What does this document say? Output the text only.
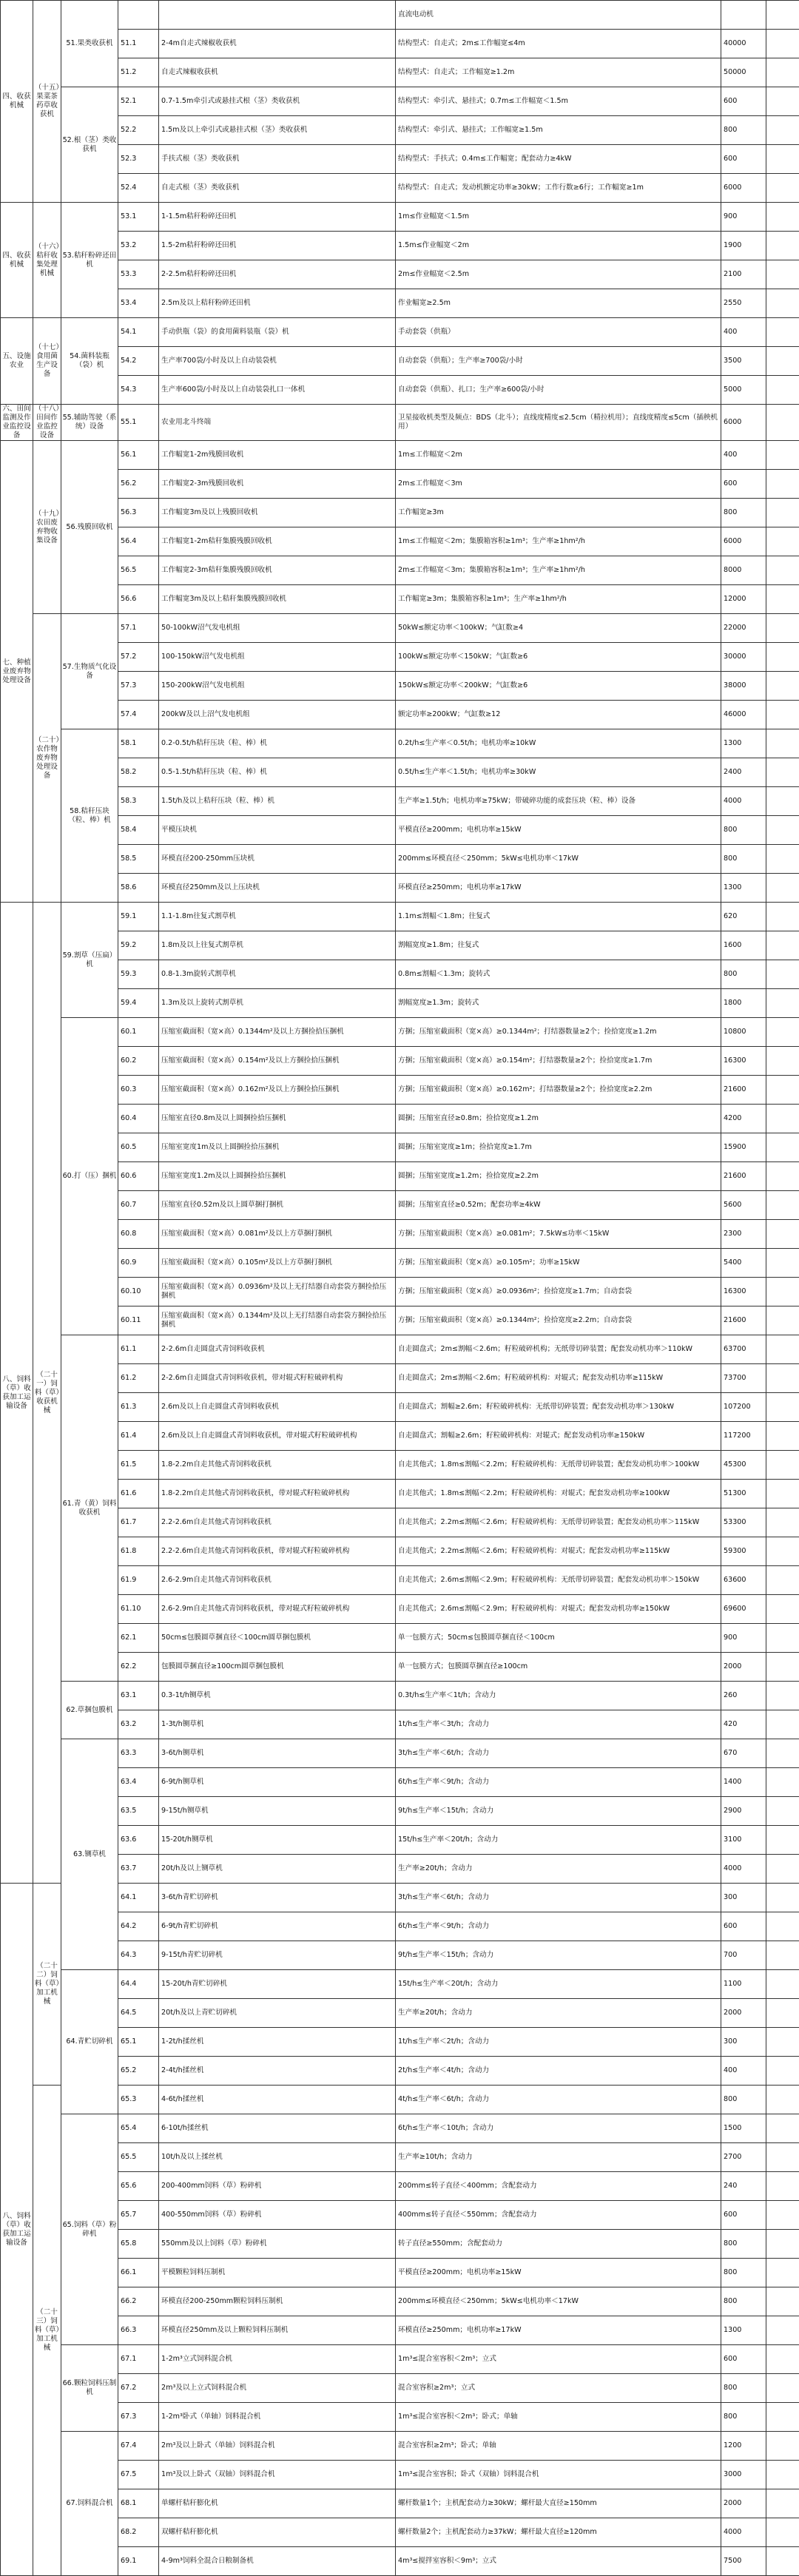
四、收获机械	（十五）果菜茶药草收获机	51.果类收获机			直流电动机		
			51.1	2-4m自走式辣椒收获机	结构型式：自走式；2m≤工作幅宽≤4m	40000	
			51.2	自走式辣椒收获机	结构型式：自走式；工作幅宽≥1.2m	50000	
		52.根（茎）类收获机	52.1	0.7-1.5m牵引式或悬挂式根（茎）类收获机	结构型式：牵引式、悬挂式；0.7m≤工作幅宽＜1.5m	600	
			52.2	1.5m及以上牵引式或悬挂式根（茎）类收获机	结构型式：牵引式、悬挂式；工作幅宽≥1.5m	800	
			52.3	手扶式根（茎）类收获机	结构型式：手扶式；0.4m≤工作幅宽；配套动力≥4kW	600	
			52.4	自走式根（茎）类收获机	结构型式：自走式；发动机额定功率≥30kW；工作行数≥6行；工作幅宽≥1m	6000	
四、收获机械	（十六）秸秆收集处理机械	53.秸秆粉碎还田机	53.1	1-1.5m秸秆粉碎还田机	1m≤作业幅宽＜1.5m	900	
			53.2	1.5-2m秸秆粉碎还田机	1.5m≤作业幅宽＜2m	1900	
			53.3	2-2.5m秸秆粉碎还田机	2m≤作业幅宽＜2.5m	2100	
			53.4	2.5m及以上秸秆粉碎还田机	作业幅宽≥2.5m	2550	
五、设施农业	（十七）食用菌生产设备	54.菌料装瓶（袋）机	54.1	手动供瓶（袋）的食用菌料装瓶（袋）机	手动套袋（供瓶）	400	
			54.2	生产率700袋/小时及以上自动装袋机	自动套袋（供瓶）；生产率≥700袋/小时	3500	
			54.3	生产率600袋/小时及以上自动装袋扎口一体机	自动套袋（供瓶）、扎口；生产率≥600袋/小时	5000	
六、田间监测及作业监控设备	（十八）田间作业监控设备	55.辅助驾驶（系统）设备	55.1	农业用北斗终端	卫星接收机类型及频点：BDS（北斗）；直线度精度≤2.5cm（精拉机用）；直线度精度≤5cm（插秧机用）	6000	
七、种植业废弃物处理设备	（十九）农田废弃物收集设备	56.残膜回收机	56.1	工作幅宽1-2m残膜回收机	1m≤工作幅宽＜2m	400	
			56.2	工作幅宽2-3m残膜回收机	2m≤工作幅宽＜3m	600	
			56.3	工作幅宽3m及以上残膜回收机	工作幅宽≥3m	800	
			56.4	工作幅宽1-2m秸秆集膜残膜回收机	1m≤工作幅宽＜2m；集膜箱容积≥1m³；生产率≥1hm²/h	6000	
			56.5	工作幅宽2-3m秸秆集膜残膜回收机	2m≤工作幅宽＜3m；集膜箱容积≥1m³；生产率≥1hm²/h	8000	
			56.6	工作幅宽3m及以上秸秆集膜残膜回收机	工作幅宽≥3m；集膜箱容积≥1m³；生产率≥1hm²/h	12000	
	（二十）农作物废弃物处理设备	57.生物质气化设备	57.1	50-100kW沼气发电机组	50kW≤额定功率＜100kW；气缸数≥4	22000	
			57.2	100-150kW沼气发电机组	100kW≤额定功率＜150kW；气缸数≥6	30000	
			57.3	150-200kW沼气发电机组	150kW≤额定功率＜200kW；气缸数≥6	38000	
			57.4	200kW及以上沼气发电机组	额定功率≥200kW；气缸数≥12	46000	
		58.秸秆压块（粒、棒）机	58.1	0.2-0.5t/h秸秆压块（粒、棒）机	0.2t/h≤生产率＜0.5t/h；电机功率≥10kW	1300	
			58.2	0.5-1.5t/h秸秆压块（粒、棒）机	0.5t/h≤生产率＜1.5t/h；电机功率≥30kW	2400	
			58.3	1.5t/h及以上秸秆压块（粒、棒）机	生产率≥1.5t/h；电机功率≥75kW；带破碎功能的成套压块（粒、棒）设备	4000	
			58.4	平模压块机	平模直径≥200mm；电机功率≥15kW	800	
			58.5	环模直径200-250mm压块机	200mm≤环模直径＜250mm；5kW≤电机功率＜17kW	800	
			58.6	环模直径250mm及以上压块机	环模直径≥250mm；电机功率≥17kW	1300	
八、饲料（草）收获加工运输设备	（二十一）饲料（草）收获机械	59.割草（压扁）机	59.1	1.1-1.8m往复式割草机	1.1m≤割幅＜1.8m；往复式	620	
			59.2	1.8m及以上往复式割草机	割幅宽度≥1.8m；往复式	1600	
			59.3	0.8-1.3m旋转式割草机	0.8m≤割幅＜1.3m；旋转式	800	
			59.4	1.3m及以上旋转式割草机	割幅宽度≥1.3m；旋转式	1800	
		60.打（压）捆机	60.1	压缩室截面积（宽×高）0.1344m²及以上方捆捡拾压捆机	方捆；压缩室截面积（宽×高）≥0.1344m²；打结器数量≥2个；捡拾宽度≥1.2m	10800	
			60.2	压缩室截面积（宽×高）0.154m²及以上方捆捡拾压捆机	方捆；压缩室截面积（宽×高）≥0.154m²；打结器数量≥2个；捡拾宽度≥1.7m	16300	
			60.3	压缩室截面积（宽×高）0.162m²及以上方捆捡拾压捆机	方捆；压缩室截面积（宽×高）≥0.162m²；打结器数量≥2个；捡拾宽度≥2.2m	21600	
			60.4	压缩室直径0.8m及以上圆捆捡拾压捆机	圆捆；压缩室直径≥0.8m；捡拾宽度≥1.2m	4200	
			60.5	压缩室宽度1m及以上圆捆捡拾压捆机	圆捆；压缩室宽度≥1m；捡拾宽度≥1.7m	15900	
			60.6	压缩室宽度1.2m及以上圆捆捡拾压捆机	圆捆；压缩室宽度≥1.2m；捡拾宽度≥2.2m	21600	
			60.7	压缩室直径0.52m及以上圆草捆打捆机	圆捆；压缩室直径≥0.52m；配套功率≥4kW	5600	
			60.8	压缩室截面积（宽×高）0.081m²及以上方草捆打捆机	方捆；压缩室截面积（宽×高）≥0.081m²；7.5kW≤功率＜15kW	2300	
			60.9	压缩室截面积（宽×高）0.105m²及以上方草捆打捆机	方捆；压缩室截面积（宽×高）≥0.105m²；功率≥15kW	5400	
			60.10	压缩室截面积（宽×高）0.0936m²及以上无打结器自动套袋方捆捡拾压捆机	方捆；压缩室截面积（宽×高）≥0.0936m²；捡拾宽度≥1.7m；自动套袋	16300	
			60.11	压缩室截面积（宽×高）0.1344m²及以上无打结器自动套袋方捆捡拾压捆机	方捆；压缩室截面积（宽×高）≥0.1344m²；捡拾宽度≥2.2m；自动套袋	21600	
		61.青（黄）饲料收获机	61.1	2-2.6m自走圆盘式青饲料收获机	自走圆盘式；2m≤割幅＜2.6m；籽粒破碎机构；无纸带切碎装置；配套发动机功率＞110kW	63700	
			61.2	2-2.6m自走圆盘式青饲料收获机，带对辊式籽粒破碎机构	自走圆盘式；2m≤割幅＜2.6m；籽粒破碎机构：对辊式；配套发动机功率≥115kW	73700	
			61.3	2.6m及以上自走圆盘式青饲料收获机	自走圆盘式；割幅≥2.6m；籽粒破碎机构：无纸带切碎装置；配套发动机功率＞130kW	107200	
			61.4	2.6m及以上自走圆盘式青饲料收获机，带对辊式籽粒破碎机构	自走圆盘式；割幅≥2.6m；籽粒破碎机构：对辊式；配套发动机功率≥150kW	117200	
			61.5	1.8-2.2m自走其他式青饲料收获机	自走其他式；1.8m≤割幅＜2.2m；籽粒破碎机构：无纸带切碎装置；配套发动机功率＞100kW	45300	
			61.6	1.8-2.2m自走其他式青饲料收获机，带对辊式籽粒破碎机构	自走其他式；1.8m≤割幅＜2.2m；籽粒破碎机构：对辊式；配套发动机功率≥100kW	51300	
			61.7	2.2-2.6m自走其他式青饲料收获机	自走其他式；2.2m≤割幅＜2.6m；籽粒破碎机构：无纸带切碎装置；配套发动机功率＞115kW	53300	
			61.8	2.2-2.6m自走其他式青饲料收获机，带对辊式籽粒破碎机构	自走其他式；2.2m≤割幅＜2.6m；籽粒破碎机构：对辊式；配套发动机功率≥115kW	59300	
			61.9	2.6-2.9m自走其他式青饲料收获机	自走其他式；2.6m≤割幅＜2.9m；籽粒破碎机构：无纸带切碎装置；配套发动机功率＞150kW	63600	
			61.10	2.6-2.9m自走其他式青饲料收获机，带对辊式籽粒破碎机构	自走其他式；2.6m≤割幅＜2.9m；籽粒破碎机构：对辊式；配套发动机功率≥150kW	69600	
			62.1	50cm≤包膜圆草捆直径＜100cm圆草捆包膜机	单一包膜方式；50cm≤包膜圆草捆直径＜100cm	900	
			62.2	包膜圆草捆直径≥100cm圆草捆包膜机	单一包膜方式；包膜圆草捆直径≥100cm	2000	
		62.草捆包膜机	63.1	0.3-1t/h铡草机	0.3t/h≤生产率＜1t/h；含动力	260	
			63.2	1-3t/h铡草机	1t/h≤生产率＜3t/h；含动力	420	
		63.铡草机	63.3	3-6t/h铡草机	3t/h≤生产率＜6t/h；含动力	670	
			63.4	6-9t/h铡草机	6t/h≤生产率＜9t/h；含动力	1400	
			63.5	9-15t/h铡草机	9t/h≤生产率＜15t/h；含动力	2900	
			63.6	15-20t/h铡草机	15t/h≤生产率＜20t/h；含动力	3100	
			63.7	20t/h及以上铡草机	生产率≥20t/h；含动力	4000	
八、饲料（草）收获加工运输设备	（二十二）饲料（草）加工机械		64.1	3-6t/h青贮切碎机	3t/h≤生产率＜6t/h；含动力	300	
			64.2	6-9t/h青贮切碎机	6t/h≤生产率＜9t/h；含动力	600	
			64.3	9-15t/h青贮切碎机	9t/h≤生产率＜15t/h；含动力	700	
		64.青贮切碎机	64.4	15-20t/h青贮切碎机	15t/h≤生产率＜20t/h；含动力	1100	
			64.5	20t/h及以上青贮切碎机	生产率≥20t/h；含动力	2000	
			65.1	1-2t/h揉丝机	1t/h≤生产率＜2t/h；含动力	300	
			65.2	2-4t/h揉丝机	2t/h≤生产率＜4t/h；含动力	400	
	（二十三）饲料（草）加工机械		65.3	4-6t/h揉丝机	4t/h≤生产率＜6t/h；含动力	800	
		65.饲料（草）粉碎机	65.4	6-10t/h揉丝机	6t/h≤生产率＜10t/h；含动力	1500	
			65.5	10t/h及以上揉丝机	生产率≥10t/h；含动力	2700	
			65.6	200-400mm饲料（草）粉碎机	200mm≤转子直径＜400mm；含配套动力	240	
			65.7	400-550mm饲料（草）粉碎机	400mm≤转子直径＜550mm；含配套动力	600	
			65.8	550mm及以上饲料（草）粉碎机	转子直径≥550mm；含配套动力	800	
			66.1	平模颗粒饲料压制机	平模直径≥200mm；电机功率≥15kW	800	
			66.2	环模直径200-250mm颗粒饲料压制机	200mm≤环模直径＜250mm；5kW≤电机功率＜17kW	800	
			66.3	环模直径250mm及以上颗粒饲料压制机	环模直径≥250mm；电机功率≥17kW	1300	
		66.颗粒饲料压制机	67.1	1-2m³立式饲料混合机	1m³≤混合室容积＜2m³；立式	600	
			67.2	2m³及以上立式饲料混合机	混合室容积≥2m³；立式	800	
			67.3	1-2m³卧式（单轴）饲料混合机	1m³≤混合室容积＜2m³；卧式；单轴	800	
		67.饲料混合机	67.4	2m³及以上卧式（单轴）饲料混合机	混合室容积≥2m³；卧式；单轴	1200	
			67.5	1m³及以上卧式（双轴）饲料混合机	1m³≤混合室容积；卧式（双轴）饲料混合机	3000	
			68.1	单螺杆秸秆膨化机	螺杆数量1个；主机配套动力≥30kW；螺杆最大直径≥150mm	2000	
			68.2	双螺杆秸秆膨化机	螺杆数量2个；主机配套动力≥37kW；螺杆最大直径≥120mm	4000	
			69.1	4-9m³饲料全混合日粮制备机	4m³≤搅拌室容积＜9m³；立式	7500	
